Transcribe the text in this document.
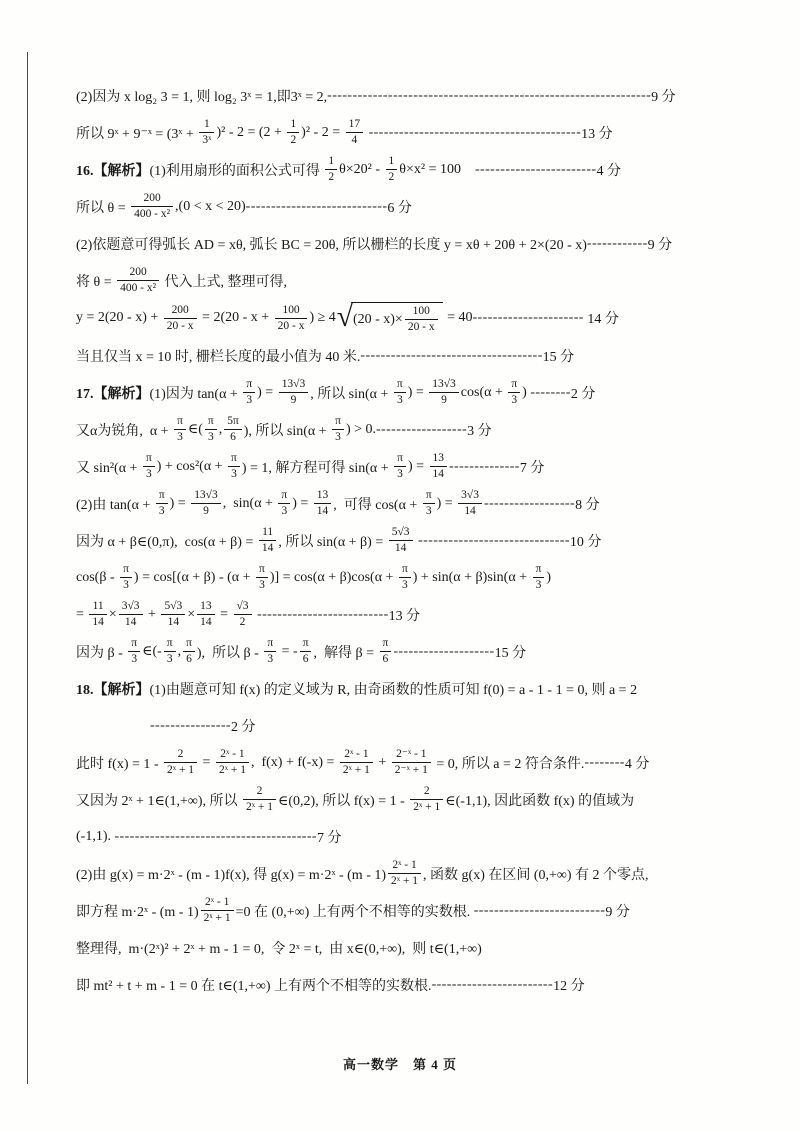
(2)因为 x log₂ 3 = 1, 则 log₂ 3ˣ = 1,即3ˣ = 2, ---------------------------------------------------------------- 9 分
所以 9ˣ + 9⁻ˣ = (3ˣ + $\frac{1}{\text{3ˣ}} )^2 - 2 = (2 + \frac{1}{2} )^2 - 2 = \frac{17}{4}$
------------------------------------------ 13 分
16.【解析】 (1)利用扇形的面积公式可得 $\frac{1}{2} \theta\times 20^2 - \frac{1}{2} \theta\times x^2 = 100$ ------------------------ 4 分
所以 $\theta = \frac{200}{\text{400 - x²}} ,(0 < x < 20)$ ---------------------------- 6 分
(2)依题意可得弧长 AD = xθ, 弧长 BC = 20θ, 所以栅栏的长度 y = xθ + 20θ + 2×(20 - x) ------------ 9 分
将 $\theta = \frac{200}{\text{400 - x²}}$ 代入上式, 整理可得,
$y = 2(20 - x) + \frac{200}{20 - x} = 2(20 - x + \frac{100}{20 - x}$ ) ≥ 4 √ $(20 - x)\times \frac{100}{20 - x} = 40$ ---------------------- 14 分
当且仅当 x = 10 时, 栅栏长度的最小值为 40 米. ------------------------------------ 15 分
17.【解析】 (1)因为 $\tan(\alpha + \frac{\pi}{3}$ ) = $\frac{13√3}{9}$ , 所以 $\sin(\alpha + \frac{\pi}{3}$ ) = $\frac{13√3}{9} \cos(\alpha + \frac{\pi}{3}$ ) -------- 2 分
又α为锐角,  $\alpha + \frac{\pi}{3}$ ∈( $\frac{\pi}{3}$ , $\frac{5\pi}{6}$ ), 所以 $\sin(\alpha + \frac{\pi}{3}$ ) > 0. ------------------ 3 分
又 $\sin^2(\alpha + \frac{\pi}{3}$ ) + $\cos^2(\alpha + \frac{\pi}{3}$ ) = 1, 解方程可得 $\sin(\alpha + \frac{\pi}{3}$ ) = $\frac{13}{14}$ -------------- 7 分
(2)由 $\tan(\alpha + \frac{\pi}{3}$ ) = $\frac{13√3}{9}$ ,  $\sin(\alpha + \frac{\pi}{3}$ ) = $\frac{13}{14}$ ,  可得 $\cos(\alpha + \frac{\pi}{3}$ ) = $\frac{3√3}{14}$ ------------------ 8 分
因为 α + β∈(0,π),  $\cos(\alpha + \beta) = \frac{11}{14}$ , 所以 $\sin(\alpha + \beta) = \frac{5√3}{14}$
------------------------------ 10 分
$\cos(\beta - \frac{\pi}{3}$ ) = $\cos[(\alpha + \beta) - (\alpha + \frac{\pi}{3}$ )] = $\cos(\alpha + \beta)\cos(\alpha + \frac{\pi}{3}$ ) + $\sin(\alpha + \beta)\sin(\alpha + \frac{\pi}{3}$ )
= $\frac{11}{14} \times \frac{3√3}{14} + \frac{5√3}{14} \times \frac{13}{14} = \frac{√3}{2}$
-------------------------- 13 分
因为 β - $\frac{\pi}{3}$ ∈(- $\frac{\pi}{3}$ , $\frac{\pi}{6}$ ),  所以 β - $\frac{\pi}{3}$ = - $\frac{\pi}{6}$ ,  解得 $\beta = \frac{\pi}{6}$ -------------------- 15 分
18.【解析】 (1)由题意可知 f(x) 的定义域为 R, 由奇函数的性质可知 f(0) = a - 1 - 1 = 0, 则 a = 2
---------------- 2 分
此时 $f(x) = 1 - \frac{2}{\text{2ˣ + 1}} = \frac{\text{2ˣ - 1}}{\text{2ˣ + 1}}$ ,  $f(x) + f(-x) = \frac{\text{2ˣ - 1}}{\text{2ˣ + 1}} + \frac{\text{2⁻ˣ - 1}}{\text{2⁻ˣ + 1}} = 0$, 所以 a = 2 符合条件. -------- 4 分
又因为 2ˣ + 1∈(1,+∞), 所以 $\frac{2}{\text{2ˣ + 1}}$ ∈(0,2), 所以 $f(x) = 1 - \frac{2}{\text{2ˣ + 1}}$ ∈(-1,1), 因此函数 f(x) 的值域为
(-1,1). ---------------------------------------- 7 分
(2)由 g(x) = m·2ˣ - (m - 1)f(x), 得 g(x) = m·2ˣ - $(m - 1) \frac{\text{2ˣ - 1}}{\text{2ˣ + 1}}$ , 函数 g(x) 在区间 (0,+∞) 有 2 个零点,
即方程 m·2ˣ - $(m - 1) \frac{\text{2ˣ - 1}}{\text{2ˣ + 1}} =0$ 在 (0,+∞) 上有两个不相等的实数根. -------------------------- 9 分
整理得,  m·(2ˣ)² + 2ˣ + m - 1 = 0,  令 2ˣ = t,  由 x∈(0,+∞),  则 t∈(1,+∞)
即 mt² + t + m - 1 = 0 在 t∈(1,+∞) 上有两个不相等的实数根. ------------------------ 12 分
高一数学　第 4 页
